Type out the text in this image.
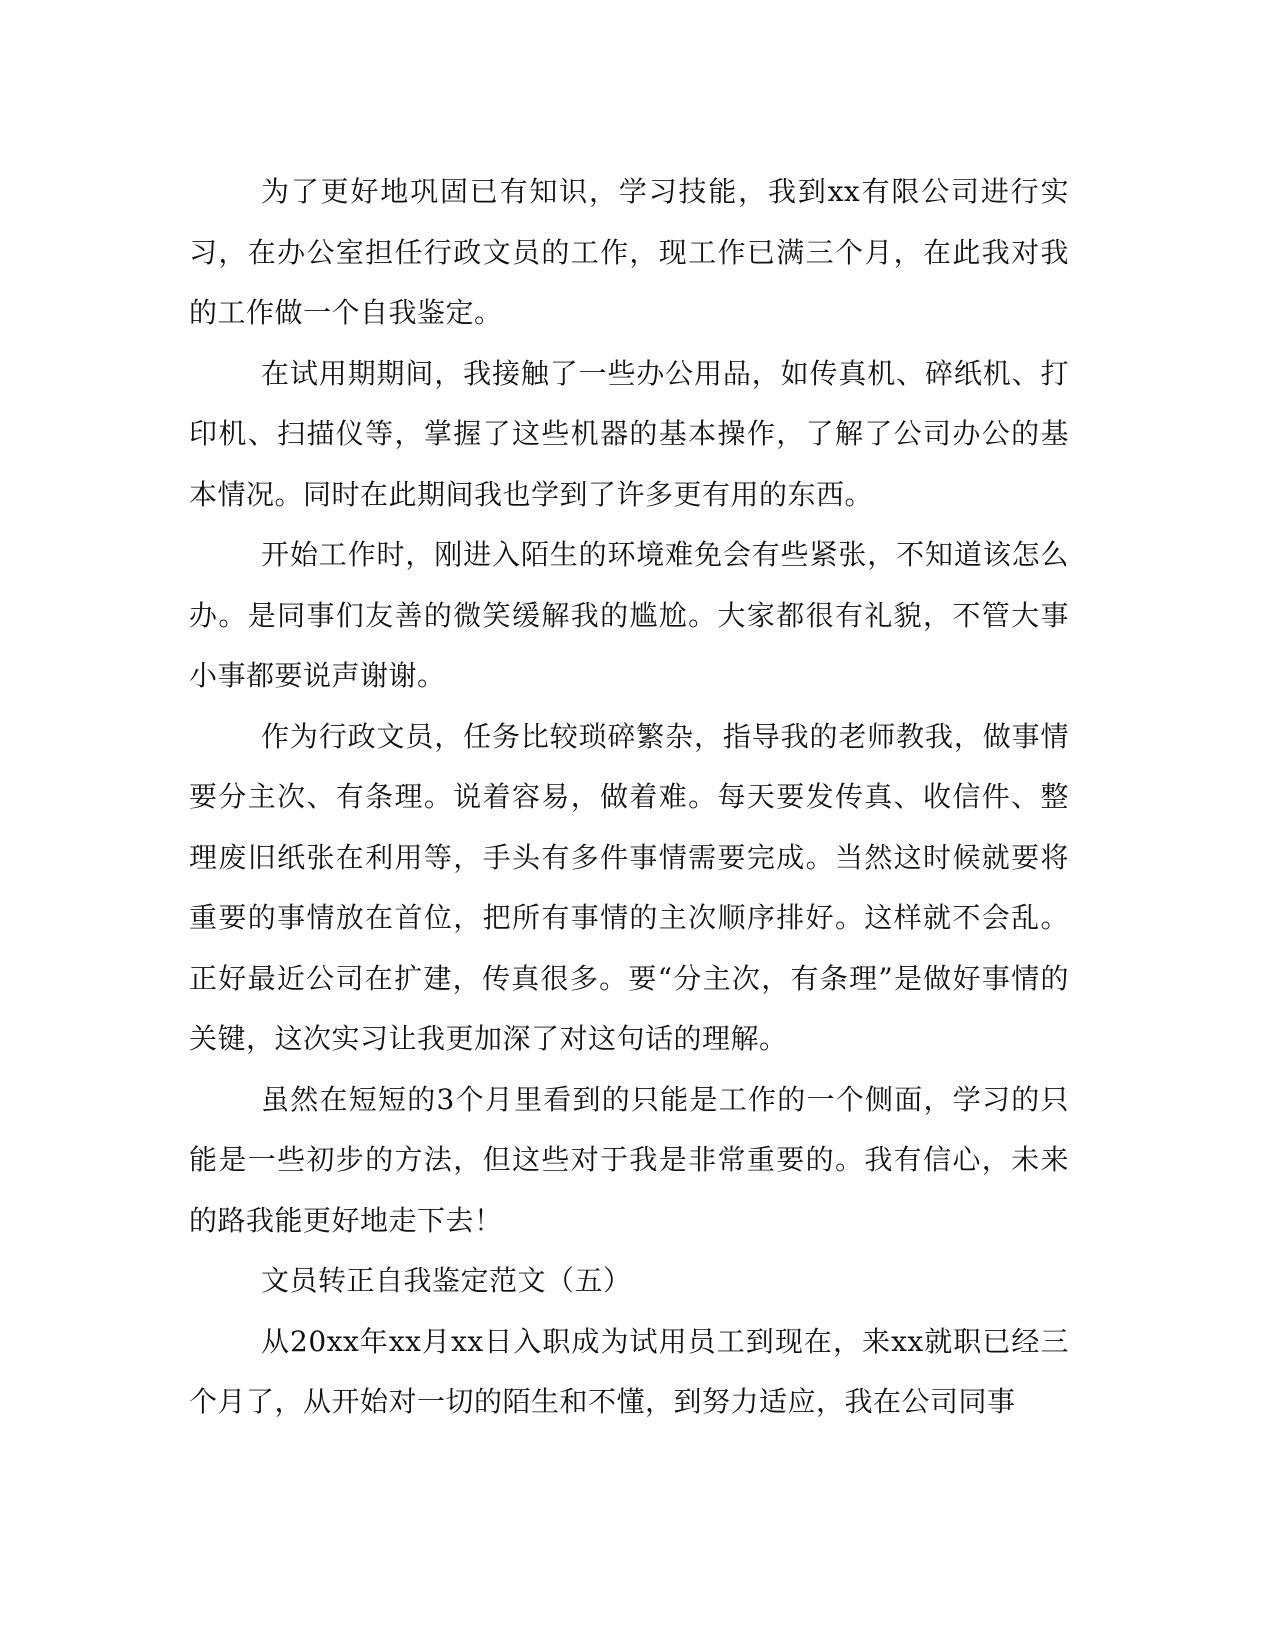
为了更好地巩固已有知识，学习技能，我到xx有限公司进行实习，在办公室担任行政文员的工作，现工作已满三个月，在此我对我的工作做一个自我鉴定。

在试用期期间，我接触了一些办公用品，如传真机、碎纸机、打印机、扫描仪等，掌握了这些机器的基本操作，了解了公司办公的基本情况。同时在此期间我也学到了许多更有用的东西。

开始工作时，刚进入陌生的环境难免会有些紧张，不知道该怎么办。是同事们友善的微笑缓解我的尴尬。大家都很有礼貌，不管大事小事都要说声谢谢。

作为行政文员，任务比较琐碎繁杂，指导我的老师教我，做事情要分主次、有条理。说着容易，做着难。每天要发传真、收信件、整理废旧纸张在利用等，手头有多件事情需要完成。当然这时候就要将重要的事情放在首位，把所有事情的主次顺序排好。这样就不会乱。正好最近公司在扩建，传真很多。要“分主次，有条理”是做好事情的关键，这次实习让我更加深了对这句话的理解。

虽然在短短的3个月里看到的只能是工作的一个侧面，学习的只能是一些初步的方法，但这些对于我是非常重要的。我有信心，未来的路我能更好地走下去！

文员转正自我鉴定范文（五）

从20xx年xx月xx日入职成为试用员工到现在，来xx就职已经三个月了，从开始对一切的陌生和不懂，到努力适应，我在公司同事
